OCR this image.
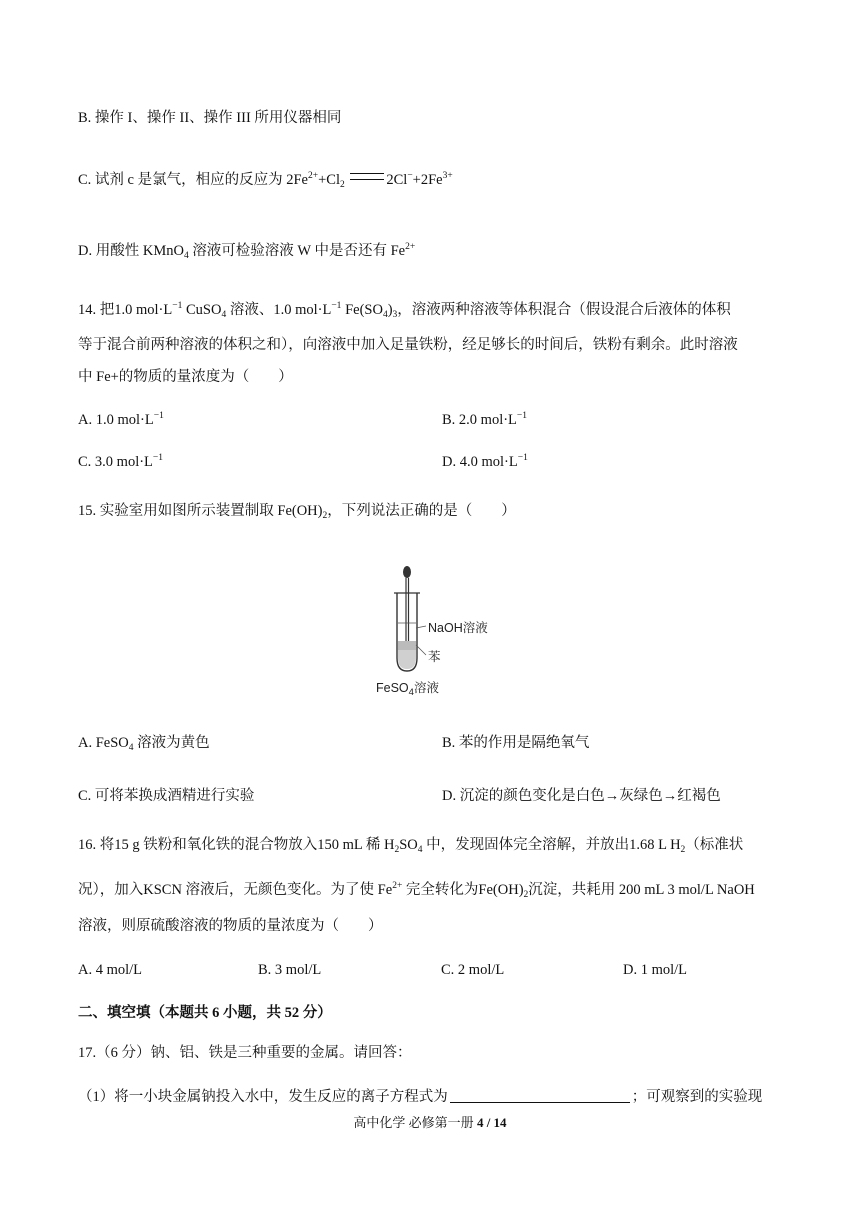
B. 操作 I、操作 II、操作 III 所用仪器相同
C. 试剂 c 是氯气，相应的反应为 $2Fe^{2+}+Cl_2$	$2Cl^-+2Fe^{3+}$
D. 用酸性 KMnO$_4$ 溶液可检验溶液 W 中是否还有 $Fe^{2+}$
14. 把1.0 $mol\cdot L^{-1}$ CuSO$_4$ 溶液、1.0 $mol\cdot L^{-1}$ $Fe(SO_4)_3$，溶液两种溶液等体积混合（假设混合后液体的体积
等于混合前两种溶液的体积之和），向溶液中加入足量铁粉，经足够长的时间后，铁粉有剩余。此时溶液
中 Fe+的物质的量浓度为（　　）
A. 1.0 $mol\cdot L^{-1}$	B. 2.0 $mol\cdot L^{-1}$
C. 3.0 $mol\cdot L^{-1}$	D. 4.0 $mol\cdot L^{-1}$
15. 实验室用如图所示装置制取 $Fe(OH)_2$，下列说法正确的是（　　）
NaOH溶液
苯
FeSO$_4$溶液
A. FeSO$_4$ 溶液为黄色	B. 苯的作用是隔绝氧气
C. 可将苯换成酒精进行实验	D. 沉淀的颜色变化是白色→灰绿色→红褐色
16. 将15 g 铁粉和氧化铁的混合物放入150 mL 稀 $H_2SO_4$ 中，发现固体完全溶解，并放出1.68 L $H_2$（标准状
况），加入KSCN 溶液后，无颜色变化。为了使 $Fe^{2+}$ 完全转化为$Fe(OH)_2$沉淀，共耗用 200 mL 3 mol/L NaOH
溶液，则原硫酸溶液的物质的量浓度为（　　）
A. 4 mol/L	B. 3 mol/L	C. 2 mol/L	D. 1 mol/L
二、填空填（本题共 6 小题，共 52 分）
17.（6 分）钠、铝、铁是三种重要的金属。请回答：
（1）将一小块金属钠投入水中，发生反应的离子方程式为	；可观察到的实验现
高中化学 必修第一册 4 / 14
